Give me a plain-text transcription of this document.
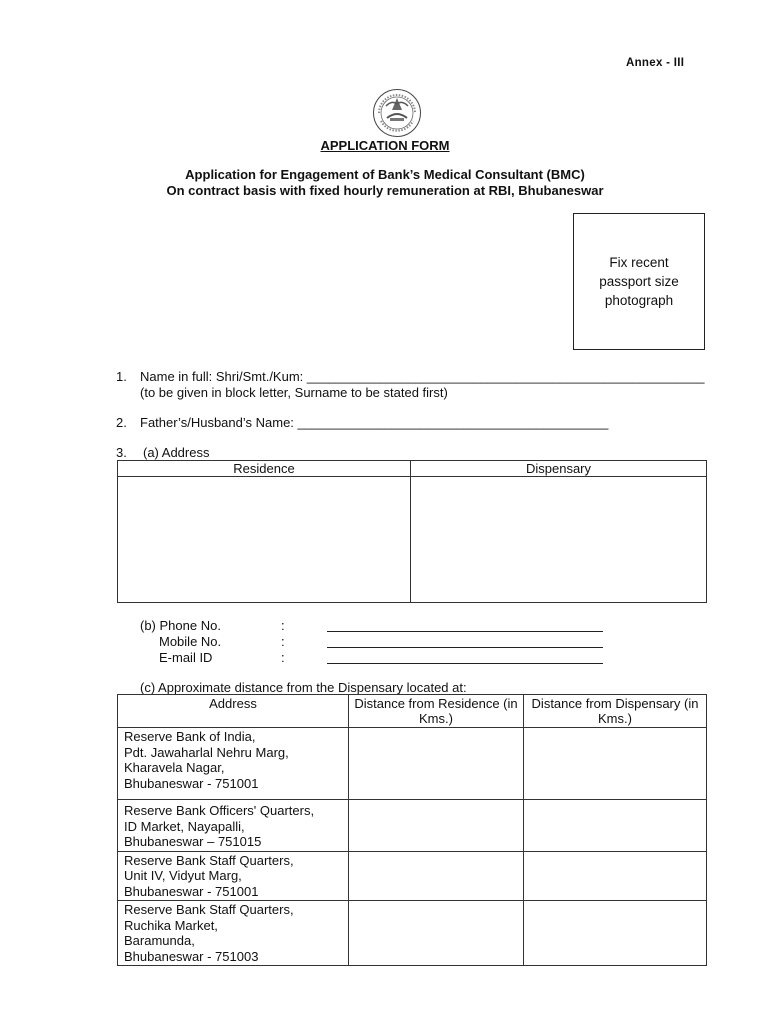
Annex - III
APPLICATION FORM
Application for Engagement of Bank’s Medical Consultant (BMC)
On contract basis with fixed hourly remuneration at RBI, Bhubaneswar
Fix recent
passport size
photograph
1. Name in full: Shri/Smt./Kum: _______________________________________________________
(to be given in block letter, Surname to be stated first)
2. Father’s/Husband’s Name: ___________________________________________
3. (a) Address
Residence	Dispensary

(b) Phone No.	:
Mobile No.	:
E-mail ID	:
(c) Approximate distance from the Dispensary located at:
Address	Distance from Residence (in Kms.)	Distance from Dispensary (in Kms.)

Reserve Bank of India,
Pdt. Jawaharlal Nehru Marg,
Kharavela Nagar,
Bhubaneswar - 751001		

Reserve Bank Officers' Quarters,
ID Market, Nayapalli,
Bhubaneswar – 751015		

Reserve Bank Staff Quarters,
Unit IV, Vidyut Marg,
Bhubaneswar - 751001		

Reserve Bank Staff Quarters,
Ruchika Market,
Baramunda,
Bhubaneswar - 751003		
